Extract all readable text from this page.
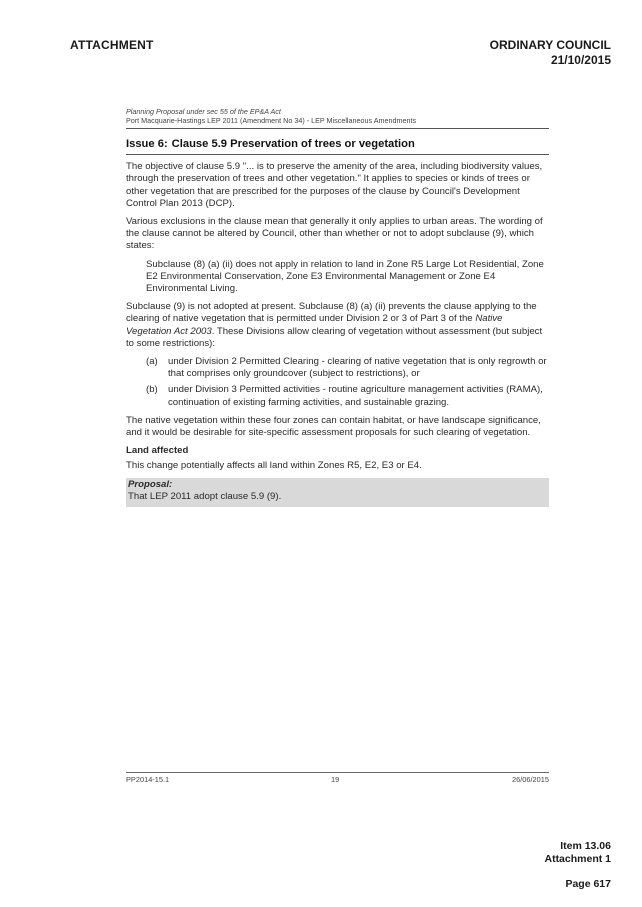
ATTACHMENT	ORDINARY COUNCIL
21/10/2015
Planning Proposal under sec 55 of the EP&A Act
Port Macquarie-Hastings LEP 2011 (Amendment No 34) - LEP Miscellaneous Amendments
Issue 6: Clause 5.9 Preservation of trees or vegetation

The objective of clause 5.9 "... is to preserve the amenity of the area, including biodiversity values, through the preservation of trees and other vegetation." It applies to species or kinds of trees or other vegetation that are prescribed for the purposes of the clause by Council's Development Control Plan 2013 (DCP).

Various exclusions in the clause mean that generally it only applies to urban areas. The wording of the clause cannot be altered by Council, other than whether or not to adopt subclause (9), which states:

Subclause (8) (a) (ii) does not apply in relation to land in Zone R5 Large Lot Residential, Zone E2 Environmental Conservation, Zone E3 Environmental Management or Zone E4 Environmental Living.

Subclause (9) is not adopted at present. Subclause (8) (a) (ii) prevents the clause applying to the clearing of native vegetation that is permitted under Division 2 or 3 of Part 3 of the Native Vegetation Act 2003. These Divisions allow clearing of vegetation without assessment (but subject to some restrictions):

(a) under Division 2 Permitted Clearing - clearing of native vegetation that is only regrowth or that comprises only groundcover (subject to restrictions), or
(b) under Division 3 Permitted activities - routine agriculture management activities (RAMA), continuation of existing farming activities, and sustainable grazing.

The native vegetation within these four zones can contain habitat, or have landscape significance, and it would be desirable for site-specific assessment proposals for such clearing of vegetation.

Land affected

This change potentially affects all land within Zones R5, E2, E3 or E4.

Proposal:
That LEP 2011 adopt clause 5.9 (9).
PP2014-15.1	19	26/06/2015
Item 13.06
Attachment 1
Page 617
